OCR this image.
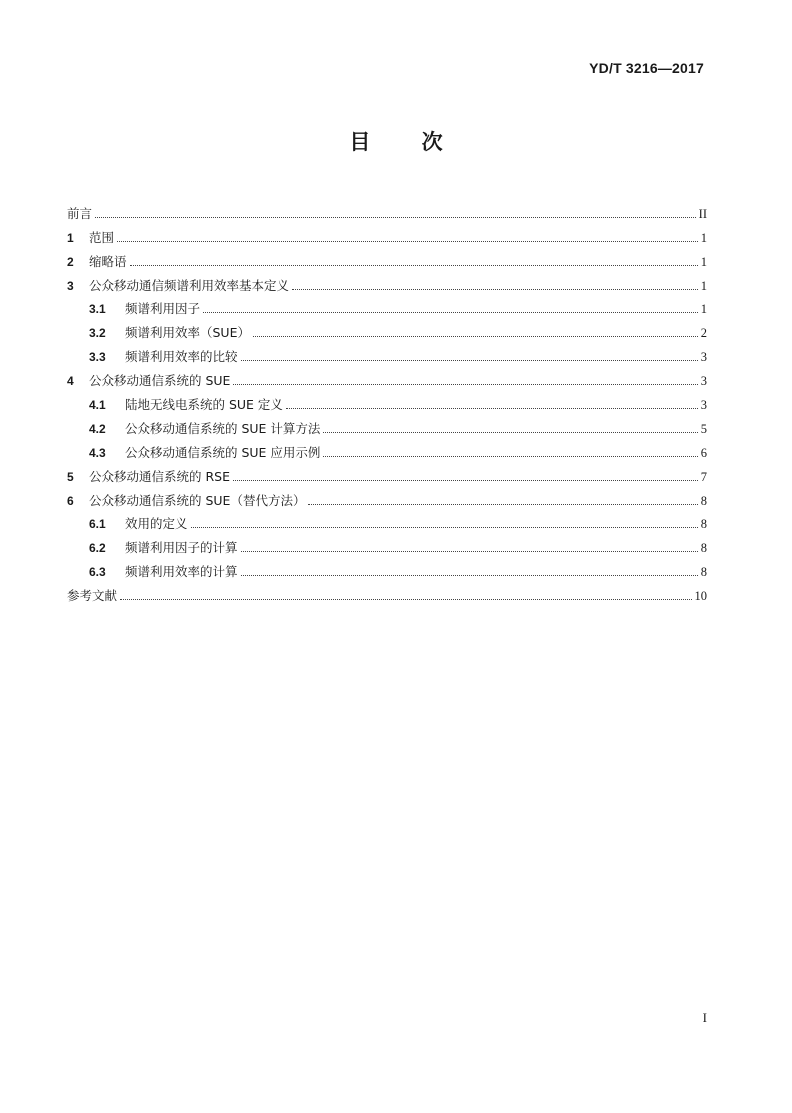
YD/T 3216—2017
目 次
前言	II
1	范围	1
2	缩略语	1
3	公众移动通信频谱利用效率基本定义	1
3.1	频谱利用因子	1
3.2	频谱利用效率（SUE）	2
3.3	频谱利用效率的比较	3
4	公众移动通信系统的 SUE	3
4.1	陆地无线电系统的 SUE 定义	3
4.2	公众移动通信系统的 SUE 计算方法	5
4.3	公众移动通信系统的 SUE 应用示例	6
5	公众移动通信系统的 RSE	7
6	公众移动通信系统的 SUE（替代方法）	8
6.1	效用的定义	8
6.2	频谱利用因子的计算	8
6.3	频谱利用效率的计算	8
参考文献	10
I
